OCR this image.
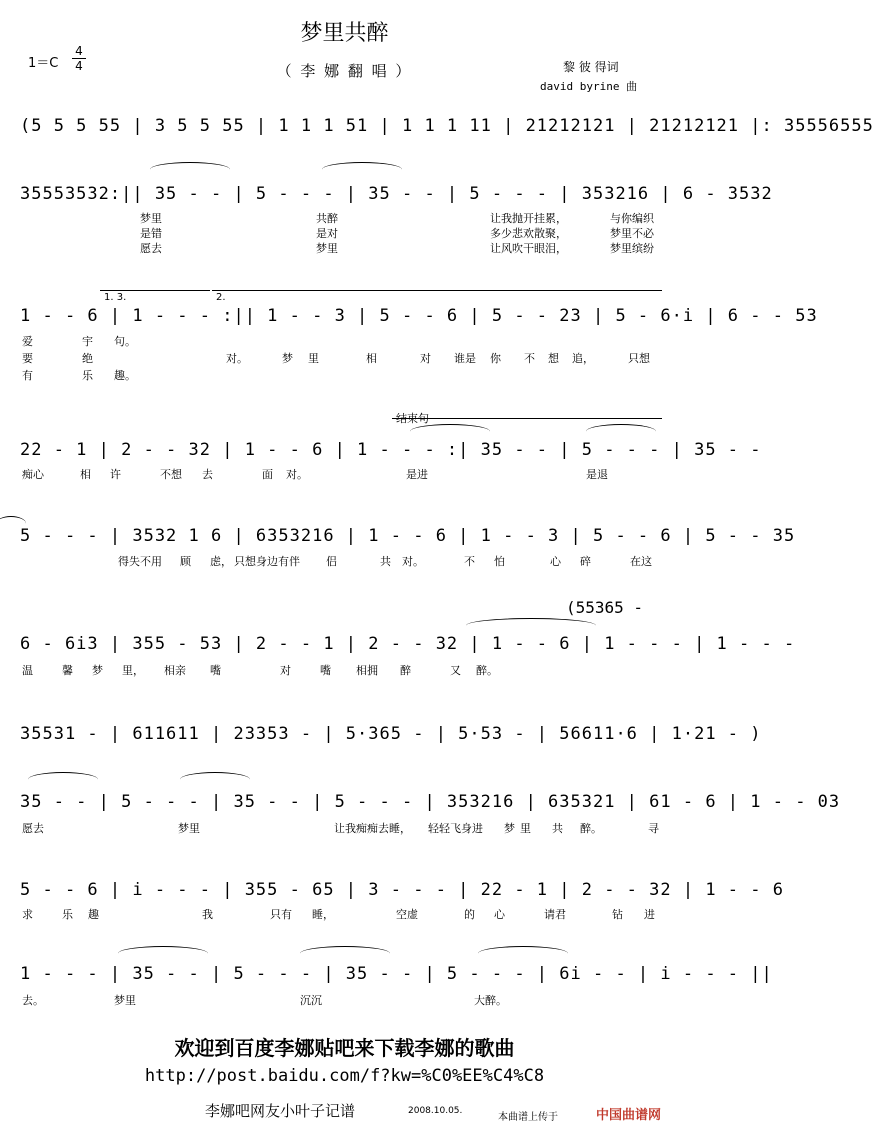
梦里共醉
（ 李 娜 翻 唱 ）
1＝C
4
4	黎 彼 得词
david byrine 曲
(5 5 5 55 | 3 5 5 55 | 1 1 1 51 | 1 1 1 11 | 21212121 | 21212121 |: 35556555
35553532:|| 35 - - | 5 - - - | 35 - - | 5 - - - | 353216 | 6 - 3532
梦里	共醉	让我抛开挂累，	与你编织
是错	是对	多少悲欢散聚，	梦里不必
愿去	梦里	让风吹干眼泪，	梦里缤纷
1. 3.	2.
1 - - 6 | 1 - - - :|| 1 - - 3 | 5 - - 6 | 5 - - 23 | 5 - 6·i | 6 - - 53
爱	宇 句。
要	绝	对。	梦 里	相	对 谁是 你 不 想 追，	只想
有	乐 趣。
结束句
22 - 1 | 2 - - 32 | 1 - - 6 | 1 - - - :| 35 - - | 5 - - - | 35 - -
痴心	相 许	不想 去	面 对。	是进	是退
5 - - - | 3532 1 6 | 6353216 | 1 - - 6 | 1 - - 3 | 5 - - 6 | 5 - - 35
得失不用 顾 虑， 只想身边有伴 侣	共 对。	不 怕	心 碎	在这
(55365 -
6 - 6i3 | 355 - 53 | 2 - - 1 | 2 - - 32 | 1 - - 6 | 1 - - - | 1 - - -
温	馨 梦 里， 相亲 嘴	对	嘴 相拥 醉	又 醉。
35531 - | 611611 | 23353 - | 5·365 - | 5·53 - | 56611·6 | 1·21 - )
35 - - | 5 - - - | 35 - - | 5 - - - | 353216 | 635321 | 61 - 6 | 1 - - 03
愿去	梦里	让我痴痴去睡， 轻轻飞身进 梦 里 共 醉。	寻
5 - - 6 | i - - - | 355 - 65 | 3 - - - | 22 - 1 | 2 - - 32 | 1 - - 6
求	乐 趣	我	只有 睡，	空虚	的 心	请君	钻 进
1 - - - | 35 - - | 5 - - - | 35 - - | 5 - - - | 6i - - | i - - - ||
去。	梦里	沉沉	大醉。
欢迎到百度李娜贴吧来下载李娜的歌曲
http://post.baidu.com/f?kw=%C0%EE%C4%C8
李娜吧网友小叶子记谱	2008.10.05.
本曲谱上传于	中国曲谱网
